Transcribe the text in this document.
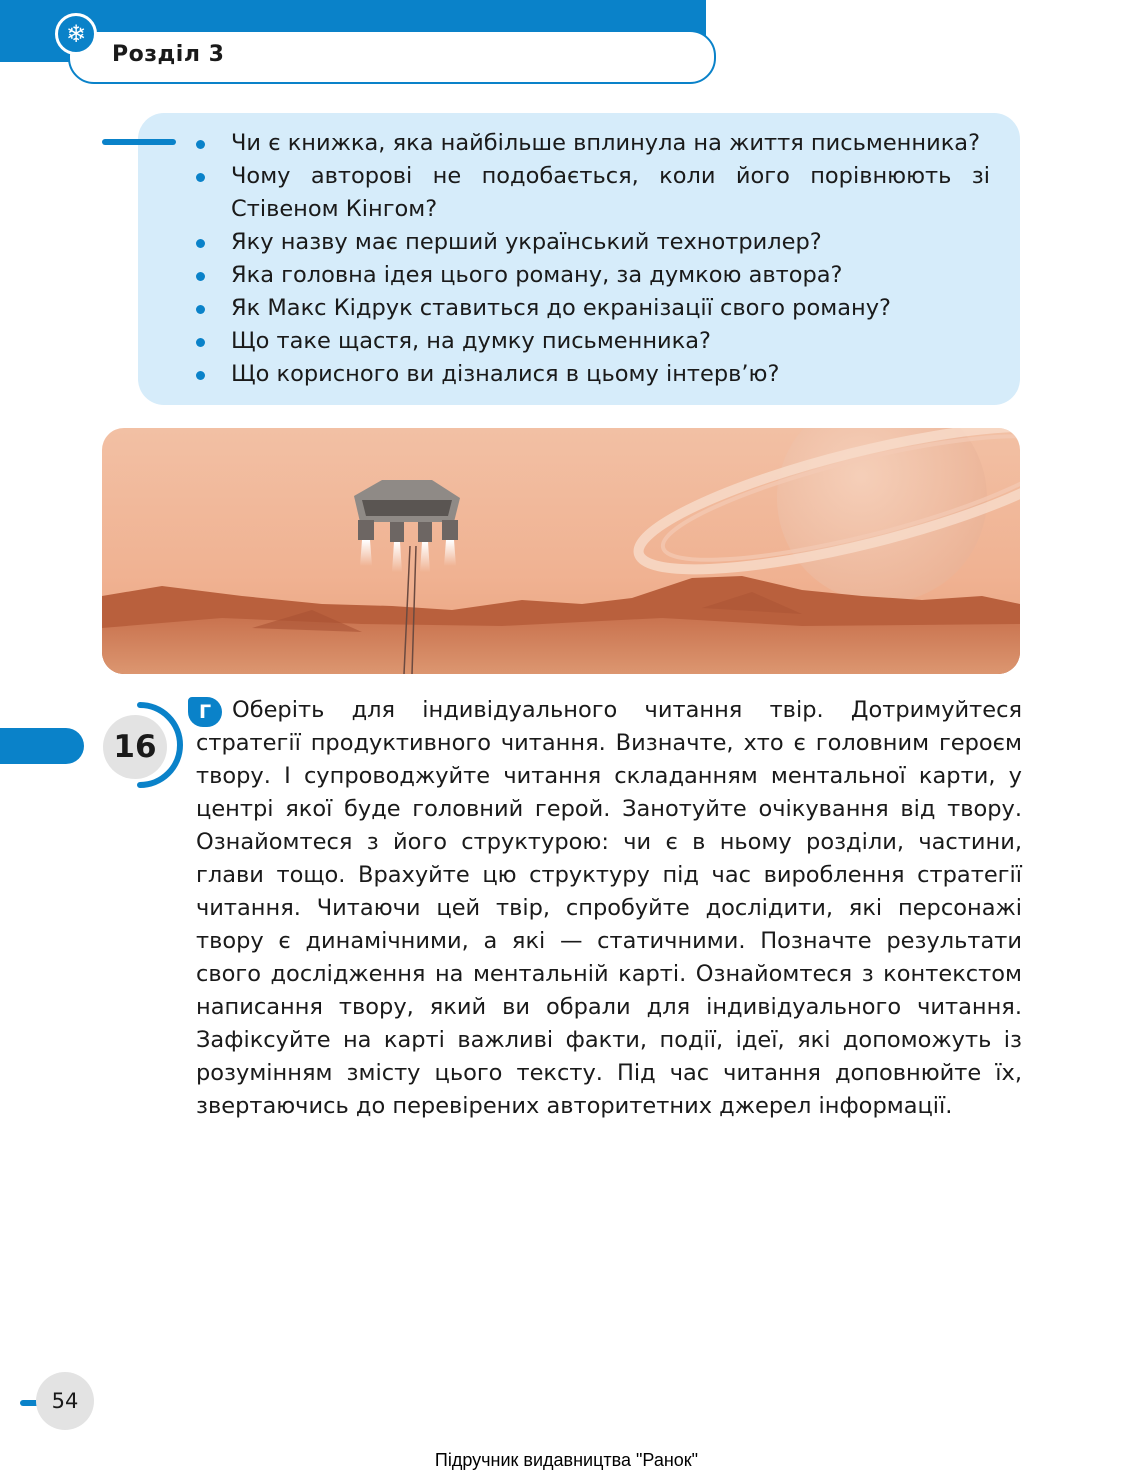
❄
Розділ 3
Чи є книжка, яка найбільше вплинула на життя письменника?
Чому авторові не подобається, коли його порівнюють зі Стівеном Кінгом?
Яку назву має перший український технотрилер?
Яка головна ідея цього роману, за думкою автора?
Як Макс Кідрук ставиться до екранізації свого роману?
Що таке щастя, на думку письменника?
Що корисного ви дізналися в цьому інтерв’ю?
16
Г Оберіть для індивідуального читання твір. Дотримуйтеся стратегії продуктивного читання. Визначте, хто є головним героєм твору. І супроводжуйте читання складанням ментальної карти, у центрі якої буде головний герой. Занотуйте очікування від твору. Ознайомтеся з його структурою: чи є в ньому розділи, частини, глави тощо. Врахуйте цю структуру під час вироблення стратегії читання. Читаючи цей твір, спробуйте дослідити, які персонажі твору є динамічними, а які — статичними. Позначте результати свого дослідження на ментальній карті. Ознайомтеся з контекстом написання твору, який ви обрали для індивідуального читання. Зафіксуйте на карті важливі факти, події, ідеї, які допоможуть із розумінням змісту цього тексту. Під час читання доповнюйте їх, звертаючись до перевірених авторитетних джерел інформації.

54
Підручник видавництва "Ранок"
